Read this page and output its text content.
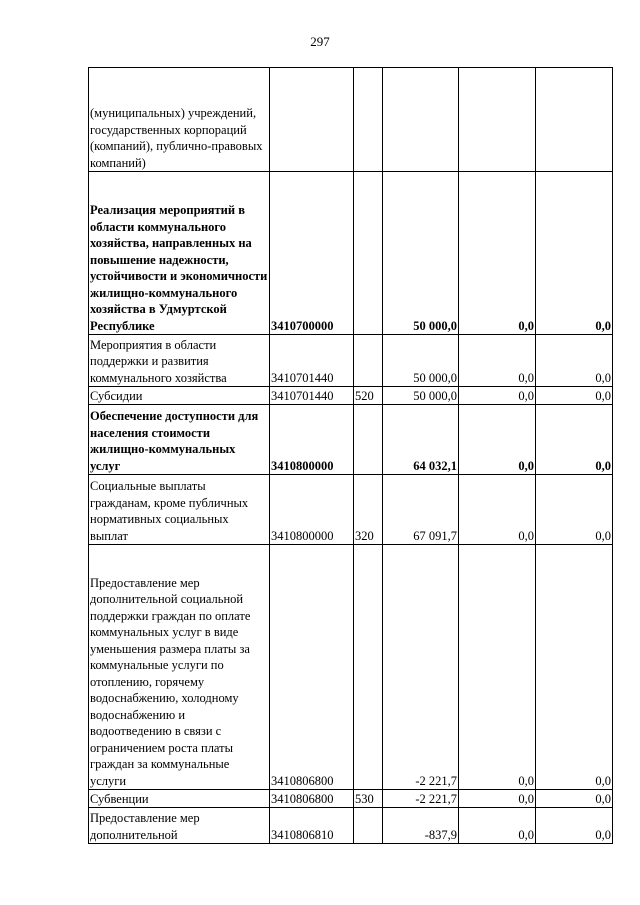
297
(муниципальных) учреждений, государственных корпораций (компаний), публично-правовых компаний)					
Реализация мероприятий в области коммунального хозяйства, направленных на повышение надежности, устойчивости и экономичности жилищно-коммунального хозяйства в Удмуртской Республике	3410700000		50 000,0	0,0	0,0
Мероприятия в области поддержки и развития коммунального хозяйства	3410701440		50 000,0	0,0	0,0
Субсидии	3410701440	520	50 000,0	0,0	0,0
Обеспечение доступности для населения стоимости жилищно-коммунальных услуг	3410800000		64 032,1	0,0	0,0
Социальные выплаты гражданам, кроме публичных нормативных социальных выплат	3410800000	320	67 091,7	0,0	0,0
Предоставление мер дополнительной социальной поддержки граждан по оплате коммунальных услуг в виде уменьшения размера платы за коммунальные услуги по отоплению, горячему водоснабжению, холодному водоснабжению и водоотведению в связи с ограничением роста платы граждан за коммунальные услуги	3410806800		-2 221,7	0,0	0,0
Субвенции	3410806800	530	-2 221,7	0,0	0,0
Предоставление мер дополнительной	3410806810		-837,9	0,0	0,0
